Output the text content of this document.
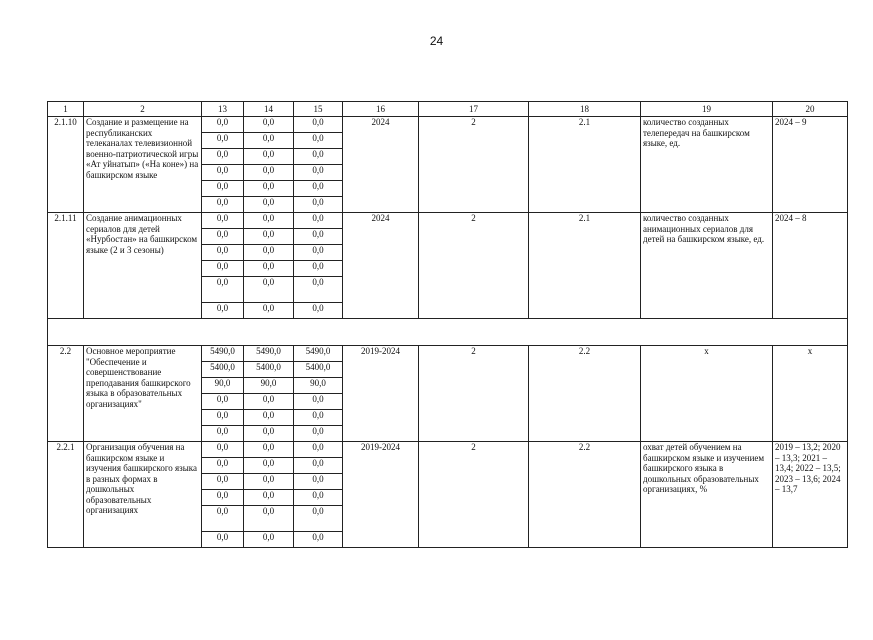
24
1	2	13	14	15	16	17	18	19	20
2.1.10	Создание и размещение на республиканских телеканалах телевизионной военно-патриотической игры «Ат уйнатып» («На коне») на башкирском языке	0,0	0,0	0,0	2024	2	2.1	количество созданных телепередач на башкирском языке, ед.	2024 – 9
		0,0	0,0	0,0					
		0,0	0,0	0,0					
		0,0	0,0	0,0					
		0,0	0,0	0,0					
		0,0	0,0	0,0					
2.1.11	Создание анимационных сериалов для детей «Нурбостан» на башкирском языке (2 и 3 сезоны)	0,0	0,0	0,0	2024	2	2.1	количество созданных анимационных сериалов для детей на башкирском языке, ед.	2024 – 8
		0,0	0,0	0,0					
		0,0	0,0	0,0					
		0,0	0,0	0,0					
		0,0	0,0	0,0					
		0,0	0,0	0,0					

2.2	Основное мероприятие "Обеспечение и совершенствование преподавания башкирского языка в образовательных организациях"	5490,0	5490,0	5490,0	2019-2024	2	2.2	х	х
		5400,0	5400,0	5400,0					
		90,0	90,0	90,0					
		0,0	0,0	0,0					
		0,0	0,0	0,0					
		0,0	0,0	0,0					
2.2.1	Организация обучения на башкирском языке и изучения башкирского языка в разных формах в дошкольных образовательных организациях	0,0	0,0	0,0	2019-2024	2	2.2	охват детей обучением на башкирском языке и изучением башкирского языка в дошкольных образовательных организациях, %	2019 – 13,2; 2020 – 13,3; 2021 – 13,4; 2022 – 13,5; 2023 – 13,6; 2024 – 13,7
		0,0	0,0	0,0					
		0,0	0,0	0,0					
		0,0	0,0	0,0					
		0,0	0,0	0,0					
		0,0	0,0	0,0					
